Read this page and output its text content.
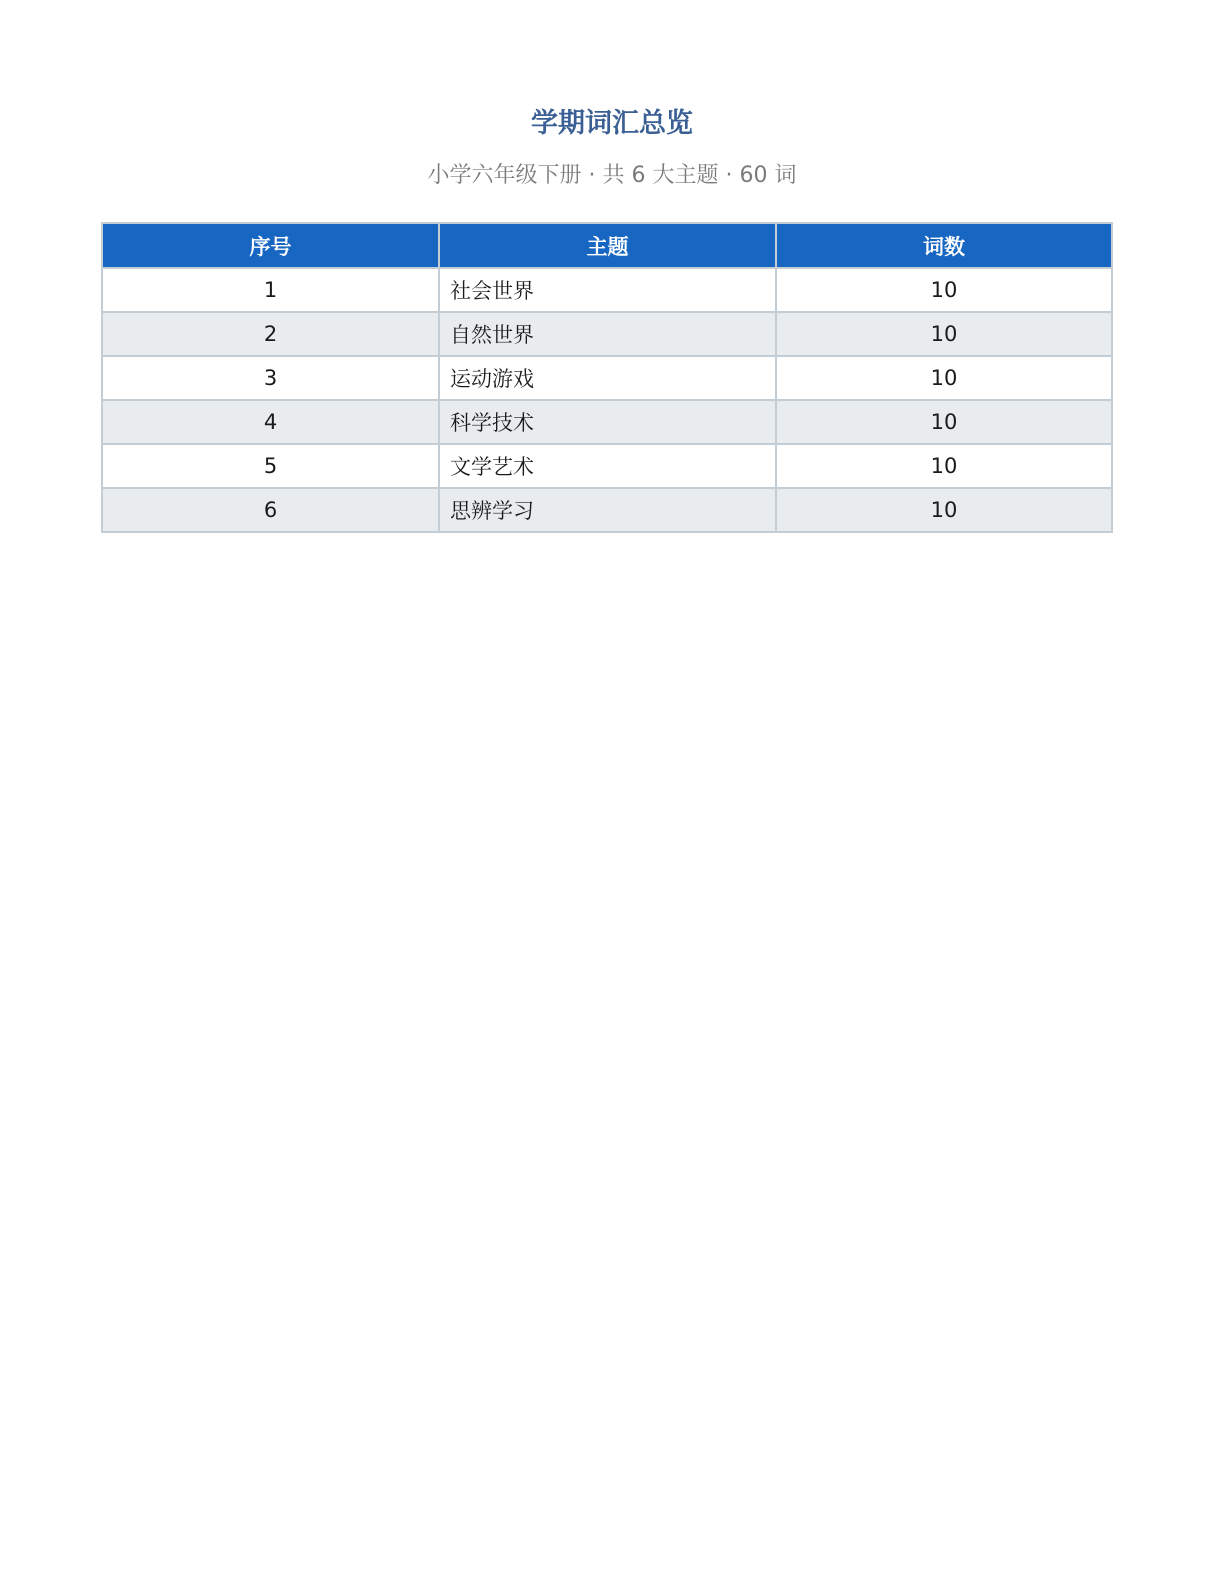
学期词汇总览
小学六年级下册 · 共 6 大主题 · 60 词
序号	主题	词数
1	社会世界	10
2	自然世界	10
3	运动游戏	10
4	科学技术	10
5	文学艺术	10
6	思辨学习	10
